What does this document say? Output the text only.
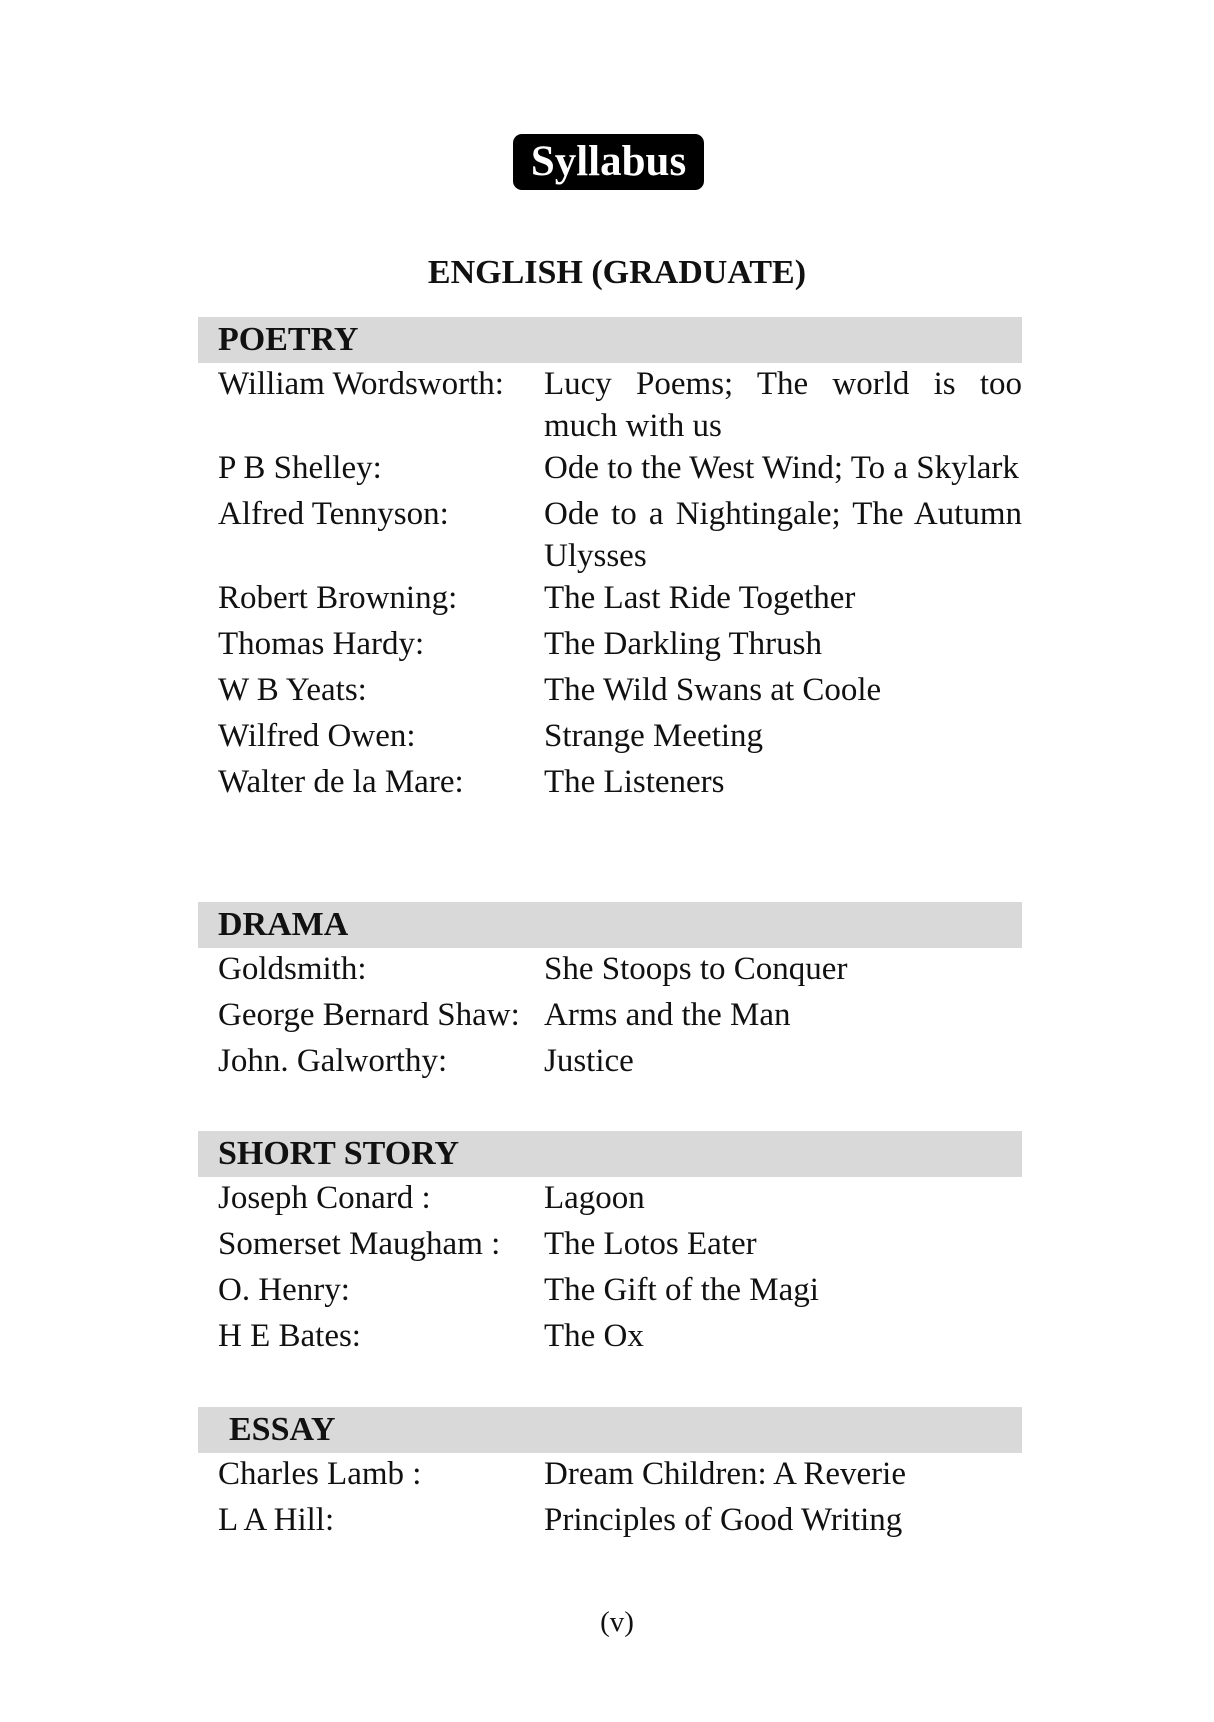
Syllabus
ENGLISH (GRADUATE)
POETRY
William Wordsworth:	Lucy Poems; The world is too much with us
P B Shelley:	Ode to the West Wind; To a Skylark
Alfred Tennyson:	Ode to a Nightingale; The Autumn Ulysses
Robert Browning:	The Last Ride Together
Thomas Hardy:	The Darkling Thrush
W B Yeats:	The Wild Swans at Coole
Wilfred Owen:	Strange Meeting
Walter de la Mare:	The Listeners
DRAMA
Goldsmith:	She Stoops to Conquer
George Bernard Shaw: Arms and the Man
John. Galworthy:	Justice
SHORT STORY
Joseph Conard :	Lagoon
Somerset Maugham :	The Lotos Eater
O. Henry:	The Gift of the Magi
H E Bates:	The Ox
ESSAY
Charles Lamb :	Dream Children: A Reverie
L A Hill:	Principles of Good Writing
(v)
